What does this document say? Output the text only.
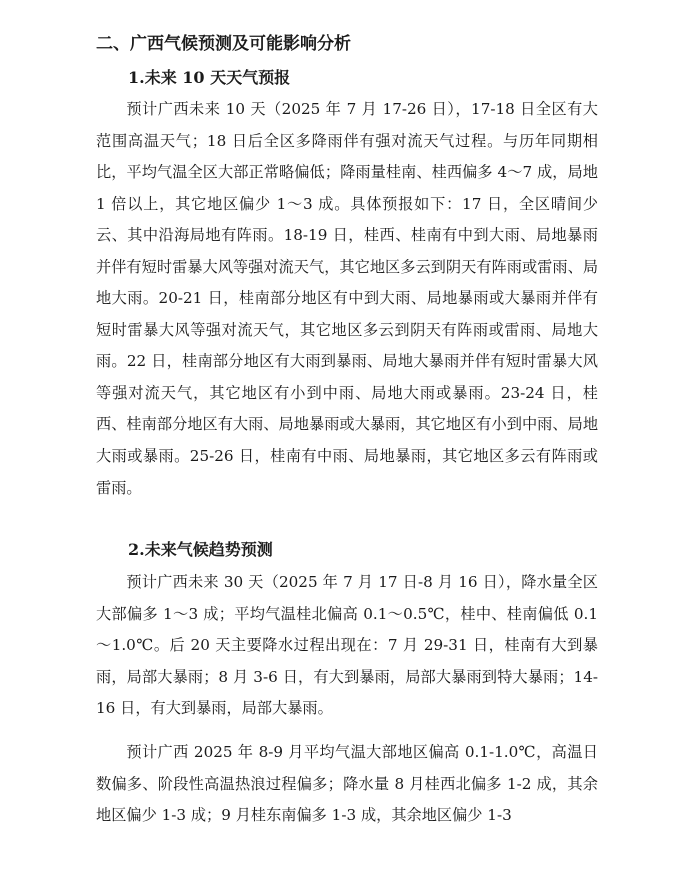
二、广西气候预测及可能影响分析
1.未来 10 天天气预报

预计广西未来 10 天（2025 年 7 月 17-26 日），17-18 日全区有大范围高温天气；18 日后全区多降雨伴有强对流天气过程。与历年同期相比，平均气温全区大部正常略偏低；降雨量桂南、桂西偏多 4～7 成，局地 1 倍以上，其它地区偏少 1～3 成。具体预报如下：17 日，全区晴间少云、其中沿海局地有阵雨。18-19 日，桂西、桂南有中到大雨、局地暴雨并伴有短时雷暴大风等强对流天气，其它地区多云到阴天有阵雨或雷雨、局地大雨。20-21 日，桂南部分地区有中到大雨、局地暴雨或大暴雨并伴有短时雷暴大风等强对流天气，其它地区多云到阴天有阵雨或雷雨、局地大雨。22 日，桂南部分地区有大雨到暴雨、局地大暴雨并伴有短时雷暴大风等强对流天气，其它地区有小到中雨、局地大雨或暴雨。23-24 日，桂西、桂南部分地区有大雨、局地暴雨或大暴雨，其它地区有小到中雨、局地大雨或暴雨。25-26 日，桂南有中雨、局地暴雨，其它地区多云有阵雨或雷雨。

2.未来气候趋势预测

预计广西未来 30 天（2025 年 7 月 17 日-8 月 16 日），降水量全区大部偏多 1～3 成；平均气温桂北偏高 0.1～0.5℃，桂中、桂南偏低 0.1～1.0℃。后 20 天主要降水过程出现在：7 月 29-31 日，桂南有大到暴雨，局部大暴雨；8 月 3-6 日，有大到暴雨，局部大暴雨到特大暴雨；14-16 日，有大到暴雨，局部大暴雨。

预计广西 2025 年 8-9 月平均气温大部地区偏高 0.1-1.0℃，高温日数偏多、阶段性高温热浪过程偏多；降水量 8 月桂西北偏多 1-2 成，其余地区偏少 1-3 成；9 月桂东南偏多 1-3 成，其余地区偏少 1-3
